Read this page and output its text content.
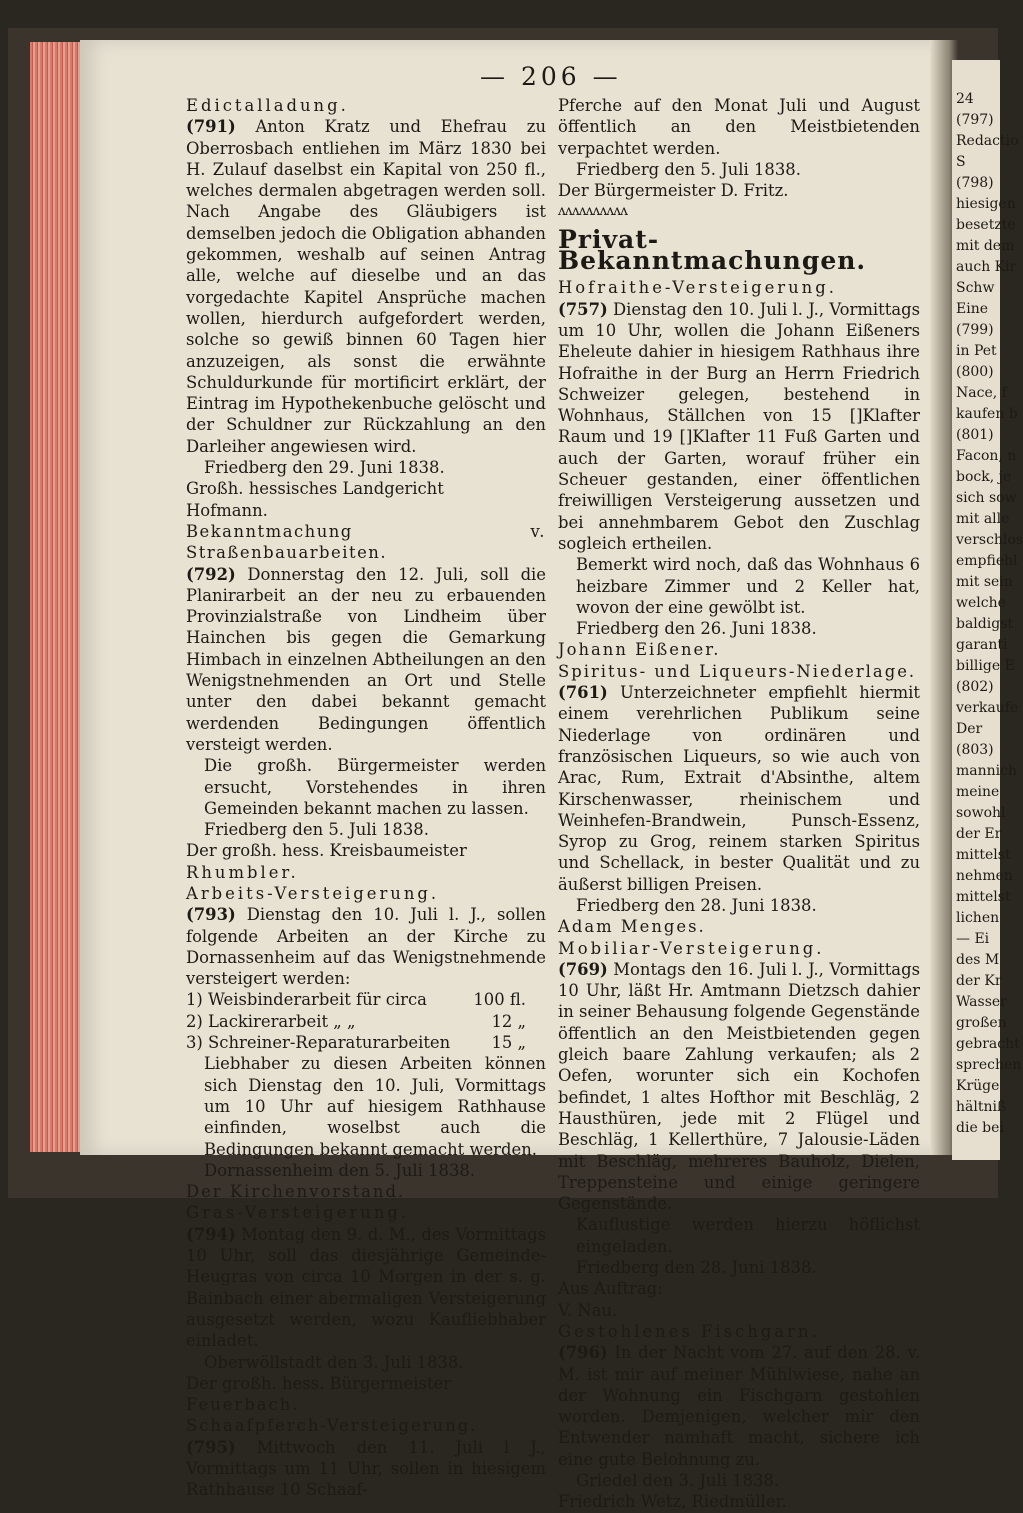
24
(797)
Redactio
S
(798)
hiesigen
besetzte
mit dem
auch Kir
Schw
Eine
(799)
in Pet
(800)
Nace, f
kaufen b
(801)
Facon, n
bock, je
sich sow
mit alle
verschlos
empfiehl
mit sein
welche
baldigst
garanti
billige E
(802)
verkaufe
Der
(803)
mannich
meine
sowohl
der Er
mittelst
nehmen
mittelst
lichen
— Ei
des M
der Kr
Wasser
großen
gebracht
sprechen
Krüge
hältniß
die bei
— 206 —

Edictalladung.

(791) Anton Kratz und Ehefrau zu Oberrosbach entliehen im März 1830 bei H. Zulauf daselbst ein Kapital von 250 fl., welches dermalen abgetragen werden soll. Nach Angabe des Gläubigers ist demselben jedoch die Obligation abhanden gekommen, weshalb auf seinen Antrag alle, welche auf dieselbe und an das vorgedachte Kapitel Ansprüche machen wollen, hierdurch aufgefordert werden, solche so gewiß binnen 60 Tagen hier anzuzeigen, als sonst die erwähnte Schuldurkunde für mortificirt erklärt, der Eintrag im Hypothekenbuche gelöscht und der Schuldner zur Rückzahlung an den Darleiher angewiesen wird.

Friedberg den 29. Juni 1838.

Großh. hessisches Landgericht

Hofmann.

Bekanntmachung v. Straßenbauarbeiten.

(792) Donnerstag den 12. Juli, soll die Planirarbeit an der neu zu erbauenden Provinzialstraße von Lindheim über Hainchen bis gegen die Gemarkung Himbach in einzelnen Abtheilungen an den Wenigstnehmenden an Ort und Stelle unter den dabei bekannt gemacht werdenden Bedingungen öffentlich versteigt werden.

Die großh. Bürgermeister werden ersucht, Vorstehendes in ihren Gemeinden bekannt machen zu lassen.

Friedberg den 5. Juli 1838.

Der großh. hess. Kreisbaumeister

Rhumbler.

Arbeits-Versteigerung.

(793) Dienstag den 10. Juli l. J., sollen folgende Arbeiten an der Kirche zu Dornassenheim auf das Wenigstnehmende versteigert werden:

1) Weisbinderarbeit für circa	100 fl.
2) Lackirerarbeit „ „	12 „
3) Schreiner-Reparaturarbeiten	15 „

Liebhaber zu diesen Arbeiten können sich Dienstag den 10. Juli, Vormittags um 10 Uhr auf hiesigem Rathhause einfinden, woselbst auch die Bedingungen bekannt gemacht werden.

Dornassenheim den 5. Juli 1838.

Der Kirchenvorstand.

Gras-Versteigerung.

(794) Montag den 9. d. M., des Vormittags 10 Uhr, soll das diesjährige Gemeinde-Heugras von circa 10 Morgen in der s. g. Bainbach einer abermaligen Versteigerung ausgesetzt werden, wozu Kaufliebhaber einladet.

Oberwöllstadt den 3. Juli 1838.

Der großh. hess. Bürgermeister

Feuerbach.

Schaafpferch-Versteigerung.

(795) Mittwoch den 11. Juli l J., Vormittags um 11 Uhr, sollen in hiesigem Rathhause 10 Schaaf-

Pferche auf den Monat Juli und August öffentlich an den Meistbietenden verpachtet werden.

Friedberg den 5. Juli 1838.

Der Bürgermeister D. Fritz.

ʌʌʌʌʌʌʌʌʌʌ

Privat-Bekanntmachungen.

Hofraithe-Versteigerung.

(757) Dienstag den 10. Juli l. J., Vormittags um 10 Uhr, wollen die Johann Eißeners Eheleute dahier in hiesigem Rathhaus ihre Hofraithe in der Burg an Herrn Friedrich Schweizer gelegen, bestehend in Wohnhaus, Ställchen von 15 []Klafter Raum und 19 []Klafter 11 Fuß Garten und auch der Garten, worauf früher ein Scheuer gestanden, einer öffentlichen freiwilligen Versteigerung aussetzen und bei annehmbarem Gebot den Zuschlag sogleich ertheilen.

Bemerkt wird noch, daß das Wohnhaus 6 heizbare Zimmer und 2 Keller hat, wovon der eine gewölbt ist.

Friedberg den 26. Juni 1838.

Johann Eißener.

Spiritus- und Liqueurs-Niederlage.

(761) Unterzeichneter empfiehlt hiermit einem verehrlichen Publikum seine Niederlage von ordinären und französischen Liqueurs, so wie auch von Arac, Rum, Extrait d'Absinthe, altem Kirschenwasser, rheinischem und Weinhefen-Brandwein, Punsch-Essenz, Syrop zu Grog, reinem starken Spiritus und Schellack, in bester Qualität und zu äußerst billigen Preisen.

Friedberg den 28. Juni 1838.

Adam Menges.

Mobiliar-Versteigerung.

(769) Montags den 16. Juli l. J., Vormittags 10 Uhr, läßt Hr. Amtmann Dietzsch dahier in seiner Behausung folgende Gegenstände öffentlich an den Meistbietenden gegen gleich baare Zahlung verkaufen; als 2 Oefen, worunter sich ein Kochofen befindet, 1 altes Hofthor mit Beschläg, 2 Hausthüren, jede mit 2 Flügel und Beschläg, 1 Kellerthüre, 7 Jalousie-Läden mit Beschläg, mehreres Bauholz, Dielen, Treppensteine und einige geringere Gegenstände.

Kauflustige werden hierzu höflichst eingeladen.

Friedberg den 28. Juni 1838.

Aus Auftrag:

V. Nau.

Gestohlenes Fischgarn.

(796) In der Nacht vom 27. auf den 28. v. M. ist mir auf meiner Mühlwiese, nahe an der Wohnung ein Fischgarn gestohlen worden. Demjenigen, welcher mir den Entwender namhaft macht, sichere ich eine gute Belohnung zu.

Griedel den 3. Juli 1838.

Friedrich Wetz, Riedmüller.
